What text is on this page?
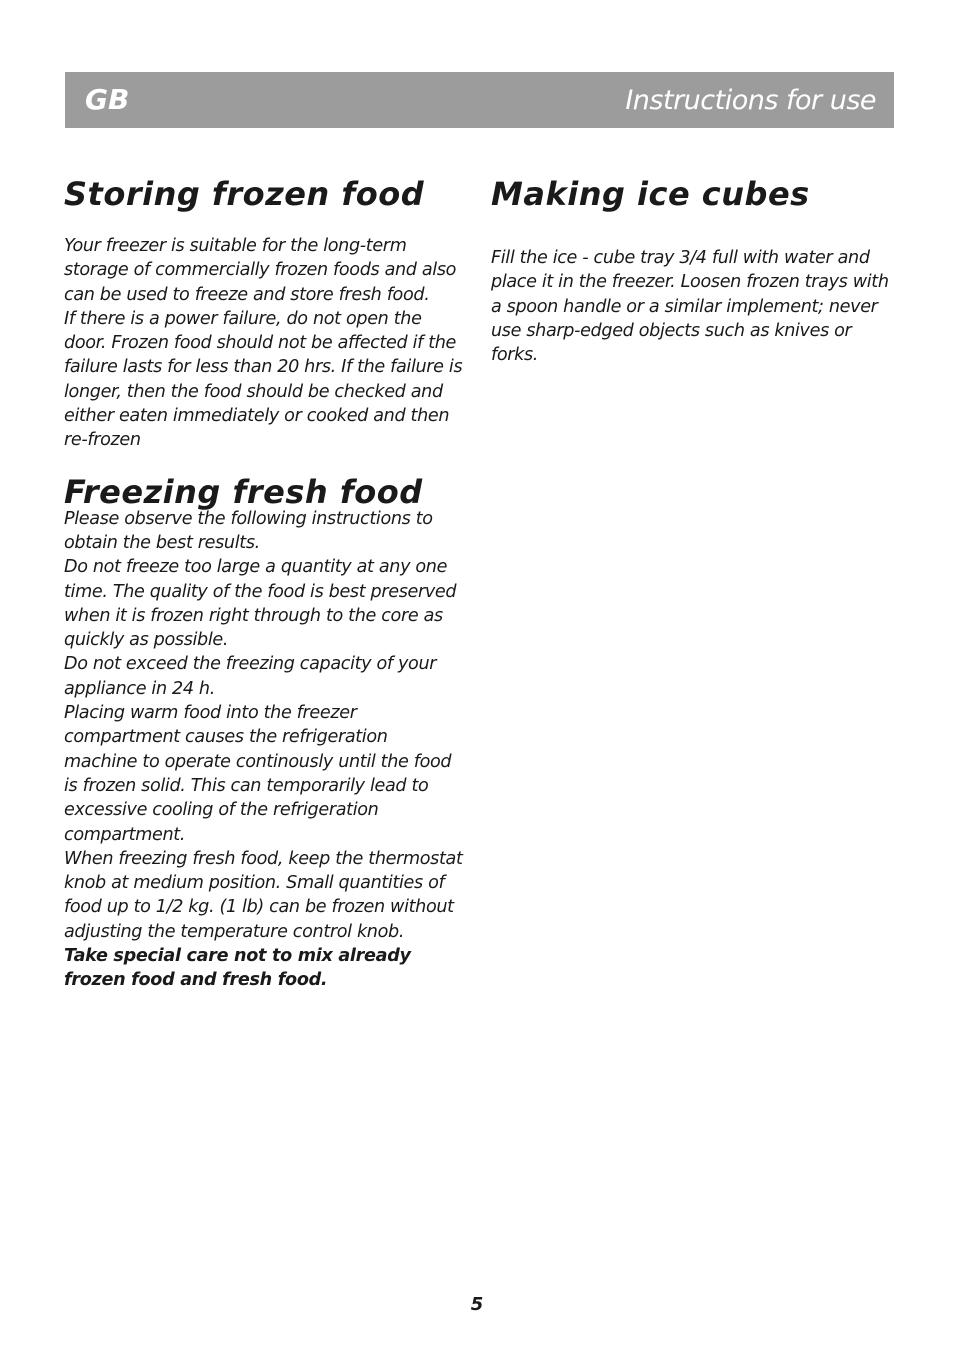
GB	Instructions for use
Storing frozen food

Your freezer is suitable for the long-term storage of commercially frozen foods and also can be used to freeze and store fresh food.

If there is a power failure, do not open the door. Frozen food should not be affected if the failure lasts for less than 20 hrs. If the failure is longer, then the food should be checked and either eaten immediately or cooked and then re-frozen

Freezing fresh food

Please observe the following instructions to obtain the best results.

Do not freeze too large a quantity at any one time. The quality of the food is best preserved when it is frozen right through to the core as quickly as possible.

Do not exceed the freezing capacity of your appliance in 24 h.

Placing warm food into the freezer compartment causes the refrigeration machine to operate continously until the food is frozen solid. This can temporarily lead to excessive cooling of the refrigeration compartment.

When freezing fresh food, keep the thermostat knob at medium position. Small quantities of food up to 1/2 kg. (1 lb) can be frozen without adjusting the temperature control knob.

Take special care not to mix already frozen food and fresh food.

Making ice cubes

Fill the ice - cube tray 3/4 full with water and place it in the freezer. Loosen frozen trays with a spoon handle or a similar implement; never use sharp-edged objects such as knives or forks.

5
